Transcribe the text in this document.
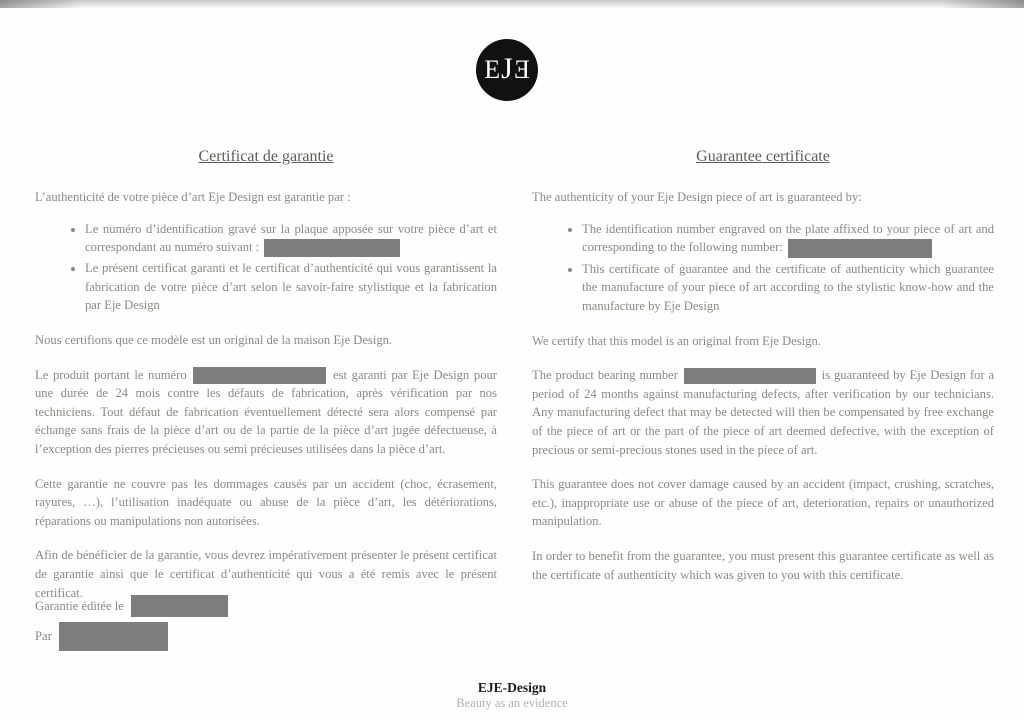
E J E
Certificat de garantie

L’authenticité de votre pièce d’art Eje Design est garantie par :

• Le numéro d’identification gravé sur la plaque apposée sur votre pièce d’art et correspondant au numéro suivant :
• Le présent certificat garanti et le certificat d’authenticité qui vous garantissent la fabrication de votre pièce d’art selon le savoir-faire stylistique et la fabrication par Eje Design

Nous certifions que ce modèle est un original de la maison Eje Design.

Le produit portant le numéro	est garanti par Eje Design pour une durée de 24 mois contre les défauts de fabrication, après vérification par nos techniciens. Tout défaut de fabrication éventuellement détecté sera alors compensé par échange sans frais de la pièce d’art ou de la partie de la pièce d’art jugée défectueuse, à l’exception des pierres précieuses ou semi précieuses utilisées dans la pièce d’art.

Cette garantie ne couvre pas les dommages causés par un accident (choc, écrasement, rayures, …), l’utilisation inadéquate ou abuse de la pièce d’art, les détériorations, réparations ou manipulations non autorisées.

Afin de bénéficier de la garantie, vous devrez impérativement présenter le présent certificat de garantie ainsi que le certificat d’authenticité qui vous a été remis avec le présent certificat.

Guarantee certificate

The authenticity of your Eje Design piece of art is guaranteed by:

• The identification number engraved on the plate affixed to your piece of art and corresponding to the following number:
• This certificate of guarantee and the certificate of authenticity which guarantee the manufacture of your piece of art according to the stylistic know-how and the manufacture by Eje Design

We certify that this model is an original from Eje Design.

The product bearing number	is guaranteed by Eje Design for a period of 24 months against manufacturing defects, after verification by our technicians. Any manufacturing defect that may be detected will then be compensated by free exchange of the piece of art or the part of the piece of art deemed defective, with the exception of precious or semi-precious stones used in the piece of art.

This guarantee does not cover damage caused by an accident (impact, crushing, scratches, etc.), inappropriate use or abuse of the piece of art, deterioration, repairs or unauthorized manipulation.

In order to benefit from the guarantee, you must present this guarantee certificate as well as the certificate of authenticity which was given to you with this certificate.

Garantie éditée le
Par
EJE-Design
Beauty as an evidence
